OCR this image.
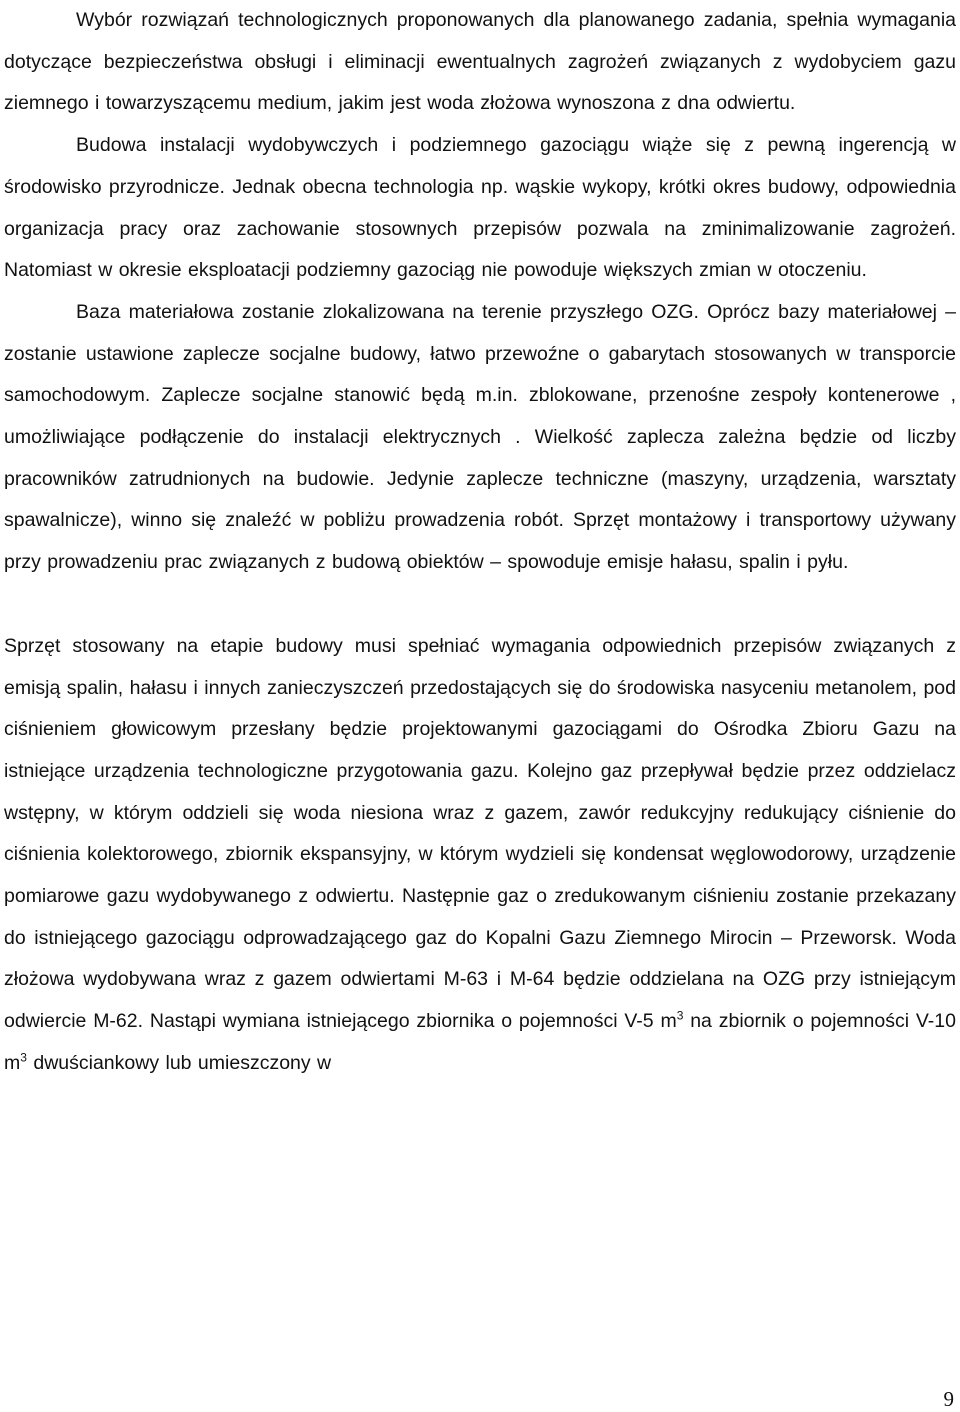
Wybór rozwiązań technologicznych proponowanych dla planowanego zadania, spełnia wymagania dotyczące bezpieczeństwa obsługi i eliminacji ewentualnych zagrożeń związanych z wydobyciem gazu ziemnego i towarzyszącemu medium, jakim jest woda złożowa wynoszona z dna odwiertu.

Budowa instalacji wydobywczych i podziemnego gazociągu wiąże się z pewną ingerencją w środowisko przyrodnicze. Jednak obecna technologia np. wąskie wykopy, krótki okres budowy, odpowiednia organizacja pracy oraz zachowanie stosownych przepisów pozwala na zminimalizowanie zagrożeń. Natomiast w okresie eksploatacji podziemny gazociąg nie powoduje większych zmian w otoczeniu.

Baza materiałowa zostanie zlokalizowana na terenie przyszłego OZG. Oprócz bazy materiałowej – zostanie ustawione zaplecze socjalne budowy, łatwo przewoźne o gabarytach stosowanych w transporcie samochodowym. Zaplecze socjalne stanowić będą m.in. zblokowane, przenośne zespoły kontenerowe , umożliwiające podłączenie do instalacji elektrycznych . Wielkość zaplecza zależna będzie od liczby pracowników zatrudnionych na budowie. Jedynie zaplecze techniczne (maszyny, urządzenia, warsztaty spawalnicze), winno się znaleźć w pobliżu prowadzenia robót. Sprzęt montażowy i transportowy używany przy prowadzeniu prac związanych z budową obiektów – spowoduje emisje hałasu, spalin i pyłu.

Sprzęt stosowany na etapie budowy musi spełniać wymagania odpowiednich przepisów związanych z emisją spalin, hałasu i innych zanieczyszczeń przedostających się do środowiska nasyceniu metanolem, pod ciśnieniem głowicowym przesłany będzie projektowanymi gazociągami do Ośrodka Zbioru Gazu na istniejące urządzenia technologiczne przygotowania gazu. Kolejno gaz przepływał będzie przez oddzielacz wstępny, w którym oddzieli się woda niesiona wraz z gazem, zawór redukcyjny redukujący ciśnienie do ciśnienia kolektorowego, zbiornik ekspansyjny, w którym wydzieli się kondensat węglowodorowy, urządzenie pomiarowe gazu wydobywanego z odwiertu. Następnie gaz o zredukowanym ciśnieniu zostanie przekazany do istniejącego gazociągu odprowadzającego gaz do Kopalni Gazu Ziemnego Mirocin – Przeworsk. Woda złożowa wydobywana wraz z gazem odwiertami M-63 i M-64 będzie oddzielana na OZG przy istniejącym odwiercie M-62. Nastąpi wymiana istniejącego zbiornika o pojemności V-5 $m^3$ na zbiornik o pojemności V-10 $m^3$ dwuściankowy lub umieszczony w

9
